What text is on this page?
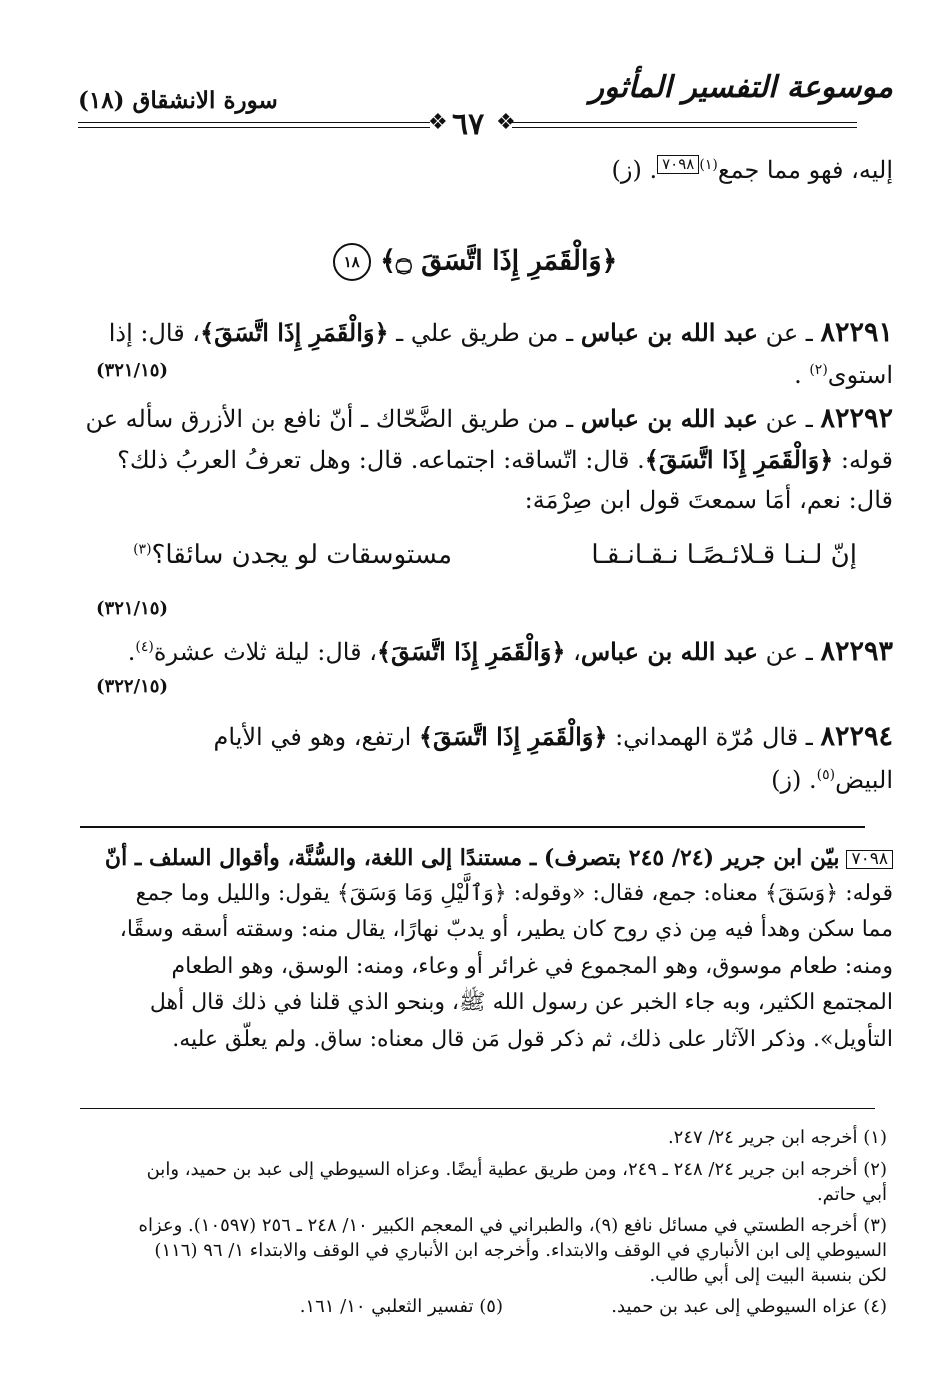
موسوعة التفسير المأثور
(١٨) سورة الانشقاق
❖ ٦٧ ❖
إليه، فهو مما جمع$^{(١)}$٧٠٩٨. (ز)
﴿وَالْقَمَرِ إِذَا اتَّسَقَ ۝﴾ ١٨
٨٢٢٩١ ـ عن عبد الله بن عباس ـ من طريق علي ـ ﴿وَالْقَمَرِ إِذَا اتَّسَقَ﴾، قال: إذا
استوى$^{(٢)}$ .
(٣٢١/١٥)
٨٢٢٩٢ ـ عن عبد الله بن عباس ـ من طريق الضَّحّاك ـ أنّ نافع بن الأزرق سأله عن
قوله: ﴿وَالْقَمَرِ إِذَا اتَّسَقَ﴾. قال: اتّساقه: اجتماعه. قال: وهل تعرفُ العربُ ذلك؟
قال: نعم، أمَا سمعتَ قول ابن صِرْمَة:
إنّ لـنـا قـلائـصًـا نـقـانـقـا
مستوسقات لو يجدن سائقا؟$^{(٣)}$
(٣٢١/١٥)
٨٢٢٩٣ ـ عن عبد الله بن عباس، ﴿وَالْقَمَرِ إِذَا اتَّسَقَ﴾، قال: ليلة ثلاث عشرة$^{(٤)}$.
(٣٢٢/١٥)
٨٢٢٩٤ ـ قال مُرّة الهمداني: ﴿وَالْقَمَرِ إِذَا اتَّسَقَ﴾ ارتفع، وهو في الأيام
البيض$^{(٥)}$. (ز)
٧٠٩٨ بيّن ابن جرير (٢٤/ ٢٤٥ بتصرف) ـ مستندًا إلى اللغة، والسُّنَّة، وأقوال السلف ـ أنّ
قوله: ﴿وَسَقَ﴾ معناه: جمع، فقال: «وقوله: ﴿وَٱلَّيْلِ وَمَا وَسَقَ﴾ يقول: والليل وما جمع
مما سكن وهدأ فيه مِن ذي روح كان يطير، أو يدبّ نهارًا، يقال منه: وسقته أسقه وسقًا،
ومنه: طعام موسوق، وهو المجموع في غرائر أو وعاء، ومنه: الوسق، وهو الطعام
المجتمع الكثير، وبه جاء الخبر عن رسول الله ﷺ، وبنحو الذي قلنا في ذلك قال أهل
التأويل». وذكر الآثار على ذلك، ثم ذكر قول مَن قال معناه: ساق. ولم يعلّق عليه.
(١) أخرجه ابن جرير ٢٤/ ٢٤٧.
(٢) أخرجه ابن جرير ٢٤/ ٢٤٨ ـ ٢٤٩، ومن طريق عطية أيضًا. وعزاه السيوطي إلى عبد بن حميد، وابن
أبي حاتم.
(٣) أخرجه الطستي في مسائل نافع (٩)، والطبراني في المعجم الكبير ١٠/ ٢٤٨ ـ ٢٥٦ (١٠٥٩٧). وعزاه
السيوطي إلى ابن الأنباري في الوقف والابتداء. وأخرجه ابن الأنباري في الوقف والابتداء ١/ ٩٦ (١١٦)
لكن بنسبة البيت إلى أبي طالب.
(٤) عزاه السيوطي إلى عبد بن حميد.
(٥) تفسير الثعلبي ١٠/ ١٦١.
